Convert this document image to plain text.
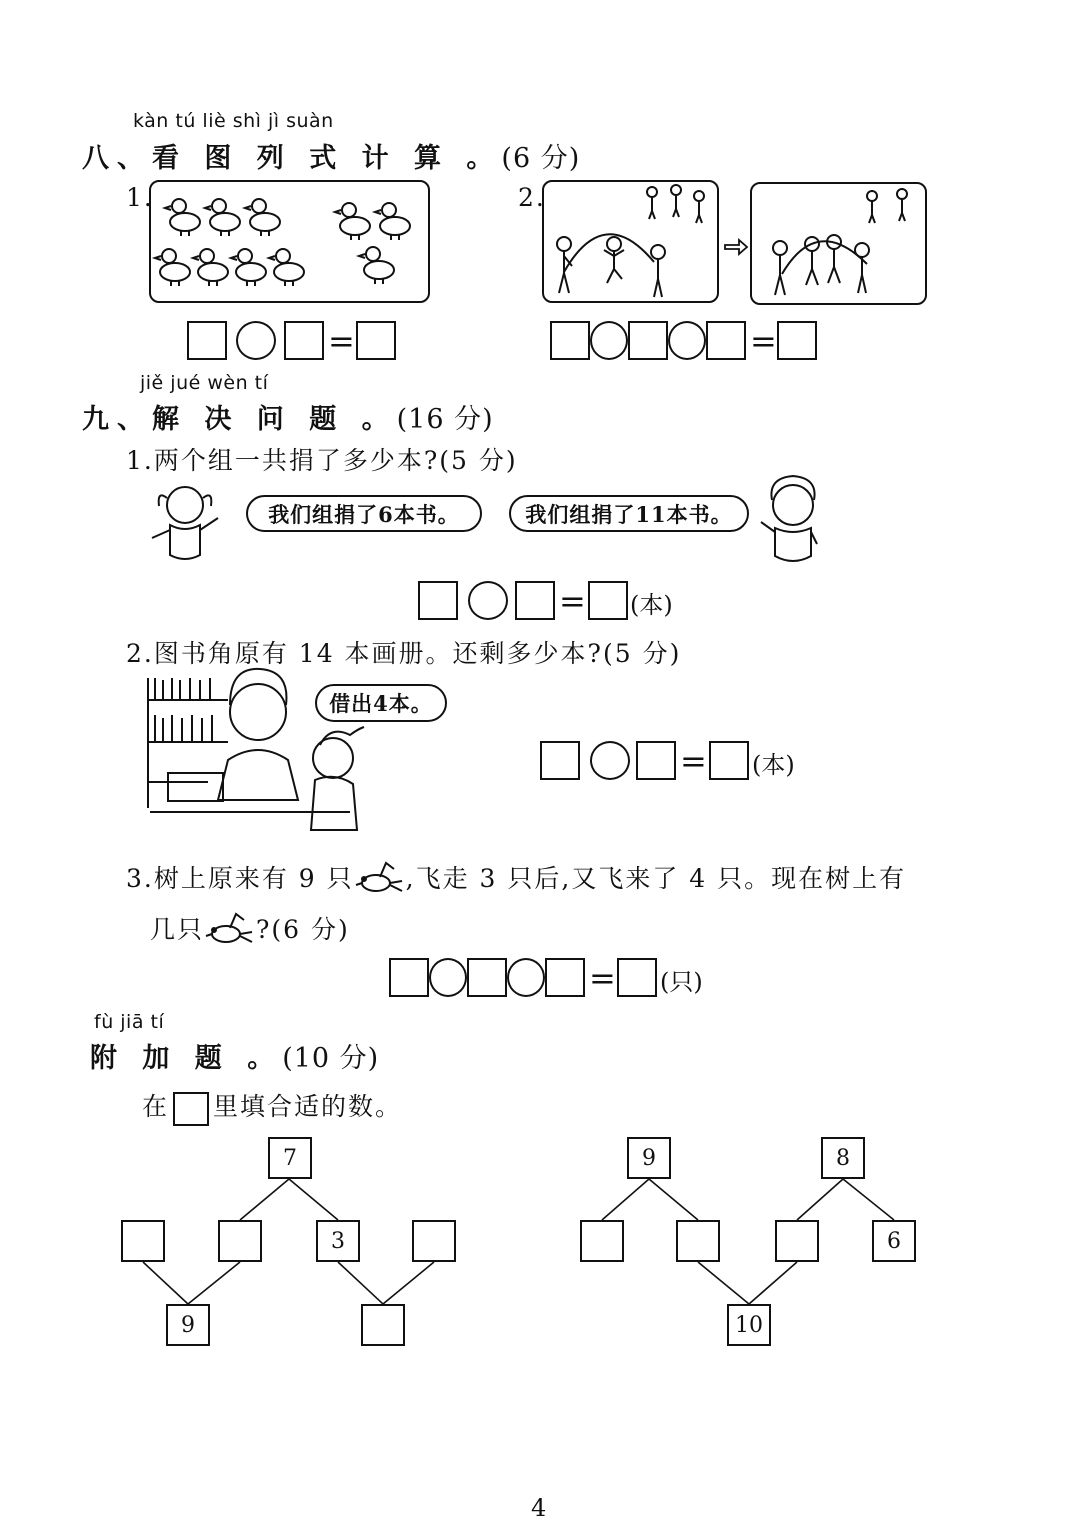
kàn tú liè shì jì suàn
八、看 图 列 式 计 算 。(6 分)
1.	2.
=	=
jiě jué wèn tí
九、解 决 问 题 。(16 分)
1.两个组一共捐了多少本?(5 分)
我们组捐了6本书。	我们组捐了11本书。
= (本)
2.图书角原有 14 本画册。还剩多少本?(5 分)
借出4本。
= (本)
3.树上原来有 9 只 ,飞走 3 只后,又飞来了 4 只。现在树上有
几只 ?(6 分)
= (只)
fù jiā tí
附 加 题 。(10 分)
在 里填合适的数。
7
3
9
9	8
6
10
4
